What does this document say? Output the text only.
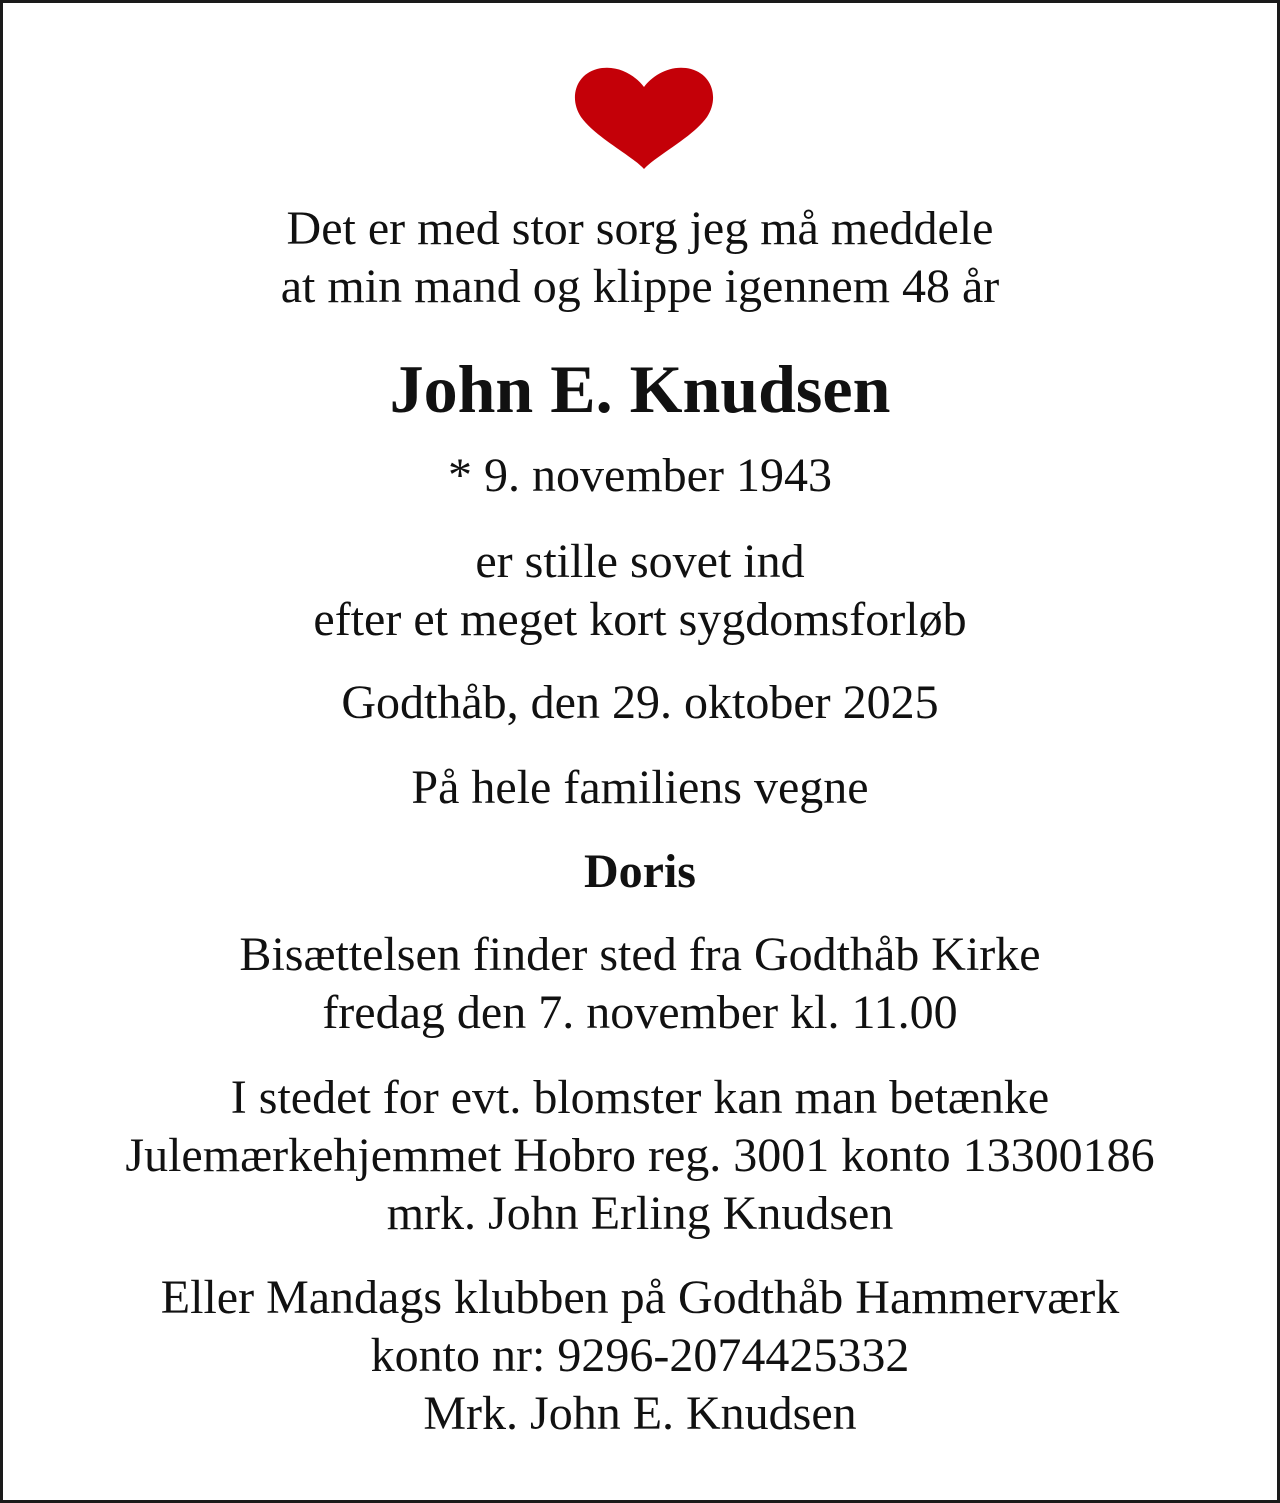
Det er med stor sorg jeg må meddele
at min mand og klippe igennem 48 år
John E. Knudsen
* 9. november 1943
er stille sovet ind
efter et meget kort sygdomsforløb
Godthåb, den 29. oktober 2025
På hele familiens vegne
Doris
Bisættelsen finder sted fra Godthåb Kirke
fredag den 7. november kl. 11.00
I stedet for evt. blomster kan man betænke
Julemærkehjemmet Hobro reg. 3001 konto 13300186
mrk. John Erling Knudsen
Eller Mandags klubben på Godthåb Hammerværk
konto nr: 9296-2074425332
Mrk. John E. Knudsen
